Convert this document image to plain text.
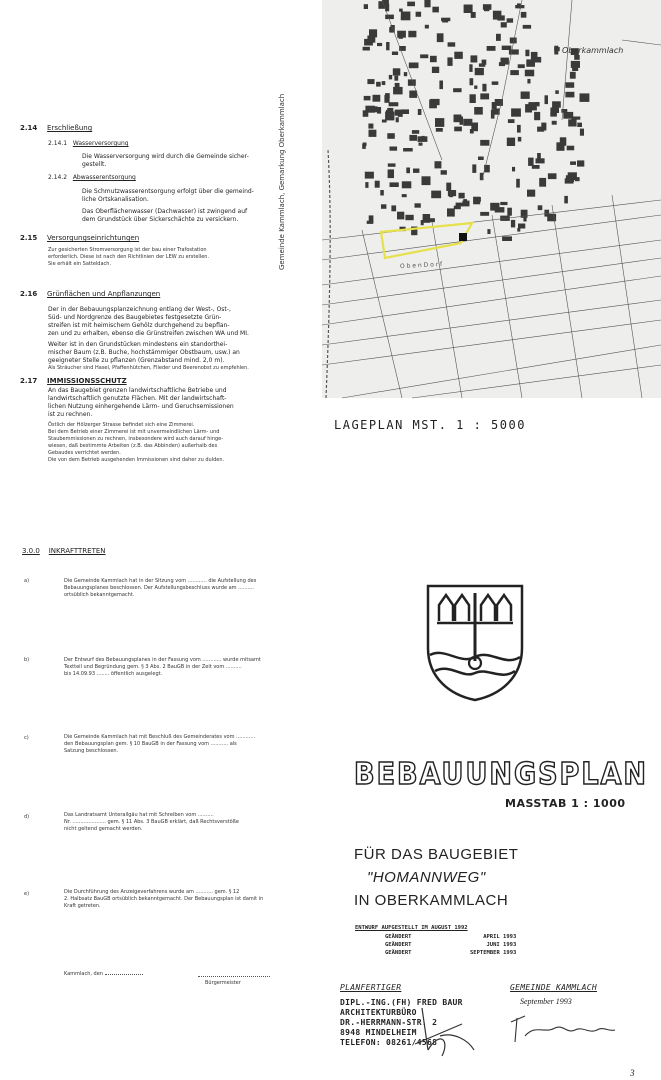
2.14 Erschließung
2.14.1 Wasserversorgung
Die Wasserversorgung wird durch die Gemeinde sicher-
gestellt.
2.14.2 Abwasserentsorgung
Die Schmutzwasserentsorgung erfolgt über die gemeind-
liche Ortskanalisation.
Das Oberflächenwasser (Dachwasser) ist zwingend auf
dem Grundstück über Sickerschächte zu versickern.
2.15 Versorgungseinrichtungen
Zur gesicherten Stromversorgung ist der bau einer Trafostation
erforderlich. Diese ist nach den Richtlinien der LEW zu erstellen.
Sie erhält ein Satteldach.
2.16 Grünflächen und Anpflanzungen
Der in der Bebauungsplanzeichnung entlang der West-, Ost-,
Süd- und Nordgrenze des Baugebietes festgesetzte Grün-
streifen ist mit heimischem Gehölz durchgehend zu bepflan-
zen und zu erhalten, ebenso die Grünstreifen zwischen WA und MI.
Weiter ist in den Grundstücken mindestens ein standorthei-
mischer Baum (z.B. Buche, hochstämmiger Obstbaum, usw.) an
geeigneter Stelle zu pflanzen (Grenzabstand mind. 2,0 m).
Als Sträucher sind Hasel, Pfaffenhütchen, Flieder und Beerenobst zu empfehlen.
2.17 IMMISSIONSSCHUTZ
An das Baugebiet grenzen landwirtschaftliche Betriebe und
landwirtschaftlich genutzte Flächen. Mit der landwirtschaft-
lichen Nutzung einhergehende Lärm- und Geruchsemissionen
ist zu rechnen.
Östlich der Hölzerger Strasse befindet sich eine Zimmerei.
Bei dem Betrieb einer Zimmerei ist mit unvermeindlichen Lärm- und
Staubemmissionen zu rechnen, insbesondere wird auch darauf hinge-
wiesen, daß bestimmte Arbeiten (z.B. das Abbinden) außerhalb des
Gebaudes verrichtet werden.
Die von dem Betrieb ausgehenden Immissionen sind daher zu dulden.
3.0.0 INKRAFTTRETEN
a)	Die Gemeinde Kammlach hat in der Sitzung vom ............ die Aufstellung des
Bebauungsplanes beschlossen. Der Aufstellungsbeschluss wurde am ..........
ortsüblich bekanntgemacht.
b)	Der Entwurf des Bebauungsplanes in der Fassung vom ............ wurde mitsamt
Textteil und Begründung gem. § 3 Abs. 2 BauGB in der Zeit vom ..........
bis 14.09.93 ........ öffentlich ausgelegt.
c)	Die Gemeinde Kammlach hat mit Beschluß des Gemeinderates vom ............
den Bebauungsplan gem. § 10 BauGB in der Fassung vom ........... als
Satzung beschlossen.
d)	Das Landratsamt Unterallgäu hat mit Schreiben vom ..........
Nr. ..................... gem. § 11 Abs. 3 BauGB erklärt, daß Rechtsverstöße
nicht geltend gemacht werden.
e)	Die Durchführung des Anzeigeverfahrens wurde am ........... gem. § 12
2. Halbsatz BauGB ortsüblich bekanntgemacht. Der Bebauungsplan ist damit in
Kraft getreten.
Kammlach, den
Bürgermeister
Oberkammlach
Gemeinde Kammlach, Gemarkung Oberkammlach	O b e n D o r f
LAGEPLAN MST. 1 : 5000
BEBAUUNGSPLAN
MASSTAB 1 : 1000
FÜR DAS BAUGEBIET
"HOMANNWEG"
IN OBERKAMMLACH
ENTWURF AUFGESTELLT IM AUGUST 1992
GEÄNDERT	APRIL 1993
GEÄNDERT	JUNI 1993
GEÄNDERT	SEPTEMBER 1993
PLANFERTIGER
DIPL.-ING.(FH) FRED BAUR
ARCHITEKTURBÜRO
DR.-HERRMANN-STR. 2
8948 MINDELHEIM
TELEFON: 08261/4568
GEMEINDE KAMMLACH
September 1993
3
